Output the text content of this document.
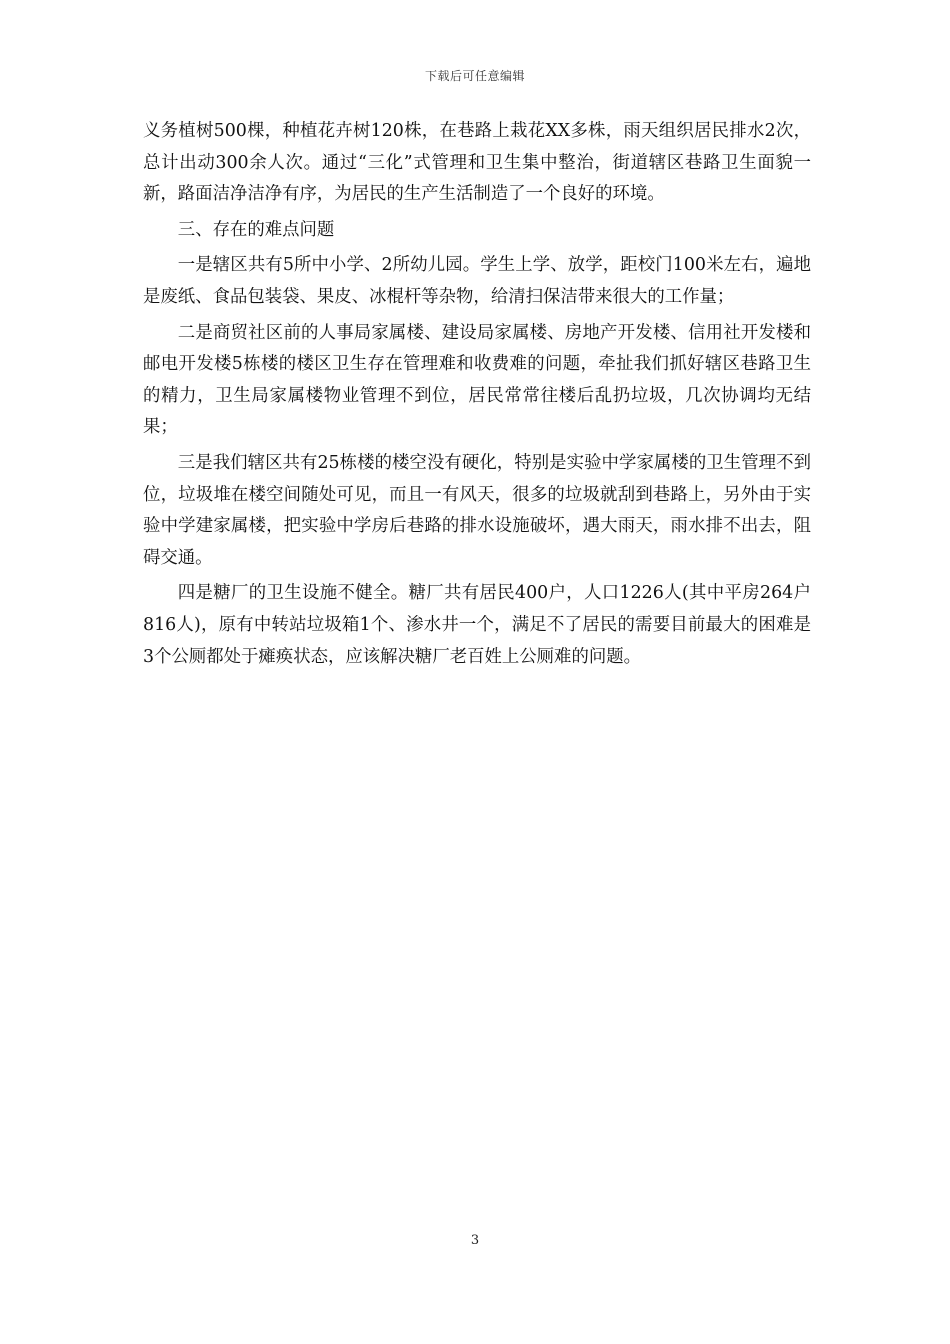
下载后可任意编辑

义务植树500棵，种植花卉树120株，在巷路上栽花XX多株，雨天组织居民排水2次，总计出动300余人次。通过“三化”式管理和卫生集中整治，街道辖区巷路卫生面貌一新，路面洁净洁净有序，为居民的生产生活制造了一个良好的环境。

三、存在的难点问题

一是辖区共有5所中小学、2所幼儿园。学生上学、放学，距校门100米左右，遍地是废纸、食品包装袋、果皮、冰棍杆等杂物，给清扫保洁带来很大的工作量；

二是商贸社区前的人事局家属楼、建设局家属楼、房地产开发楼、信用社开发楼和邮电开发楼5栋楼的楼区卫生存在管理难和收费难的问题，牵扯我们抓好辖区巷路卫生的精力，卫生局家属楼物业管理不到位，居民常常往楼后乱扔垃圾，几次协调均无结果；

三是我们辖区共有25栋楼的楼空没有硬化，特别是实验中学家属楼的卫生管理不到位，垃圾堆在楼空间随处可见，而且一有风天，很多的垃圾就刮到巷路上，另外由于实验中学建家属楼，把实验中学房后巷路的排水设施破坏，遇大雨天，雨水排不出去，阻碍交通。

四是糖厂的卫生设施不健全。糖厂共有居民400户，人口1226人(其中平房264户816人)，原有中转站垃圾箱1个、渗水井一个，满足不了居民的需要目前最大的困难是3个公厕都处于瘫痪状态，应该解决糖厂老百姓上公厕难的问题。

3
